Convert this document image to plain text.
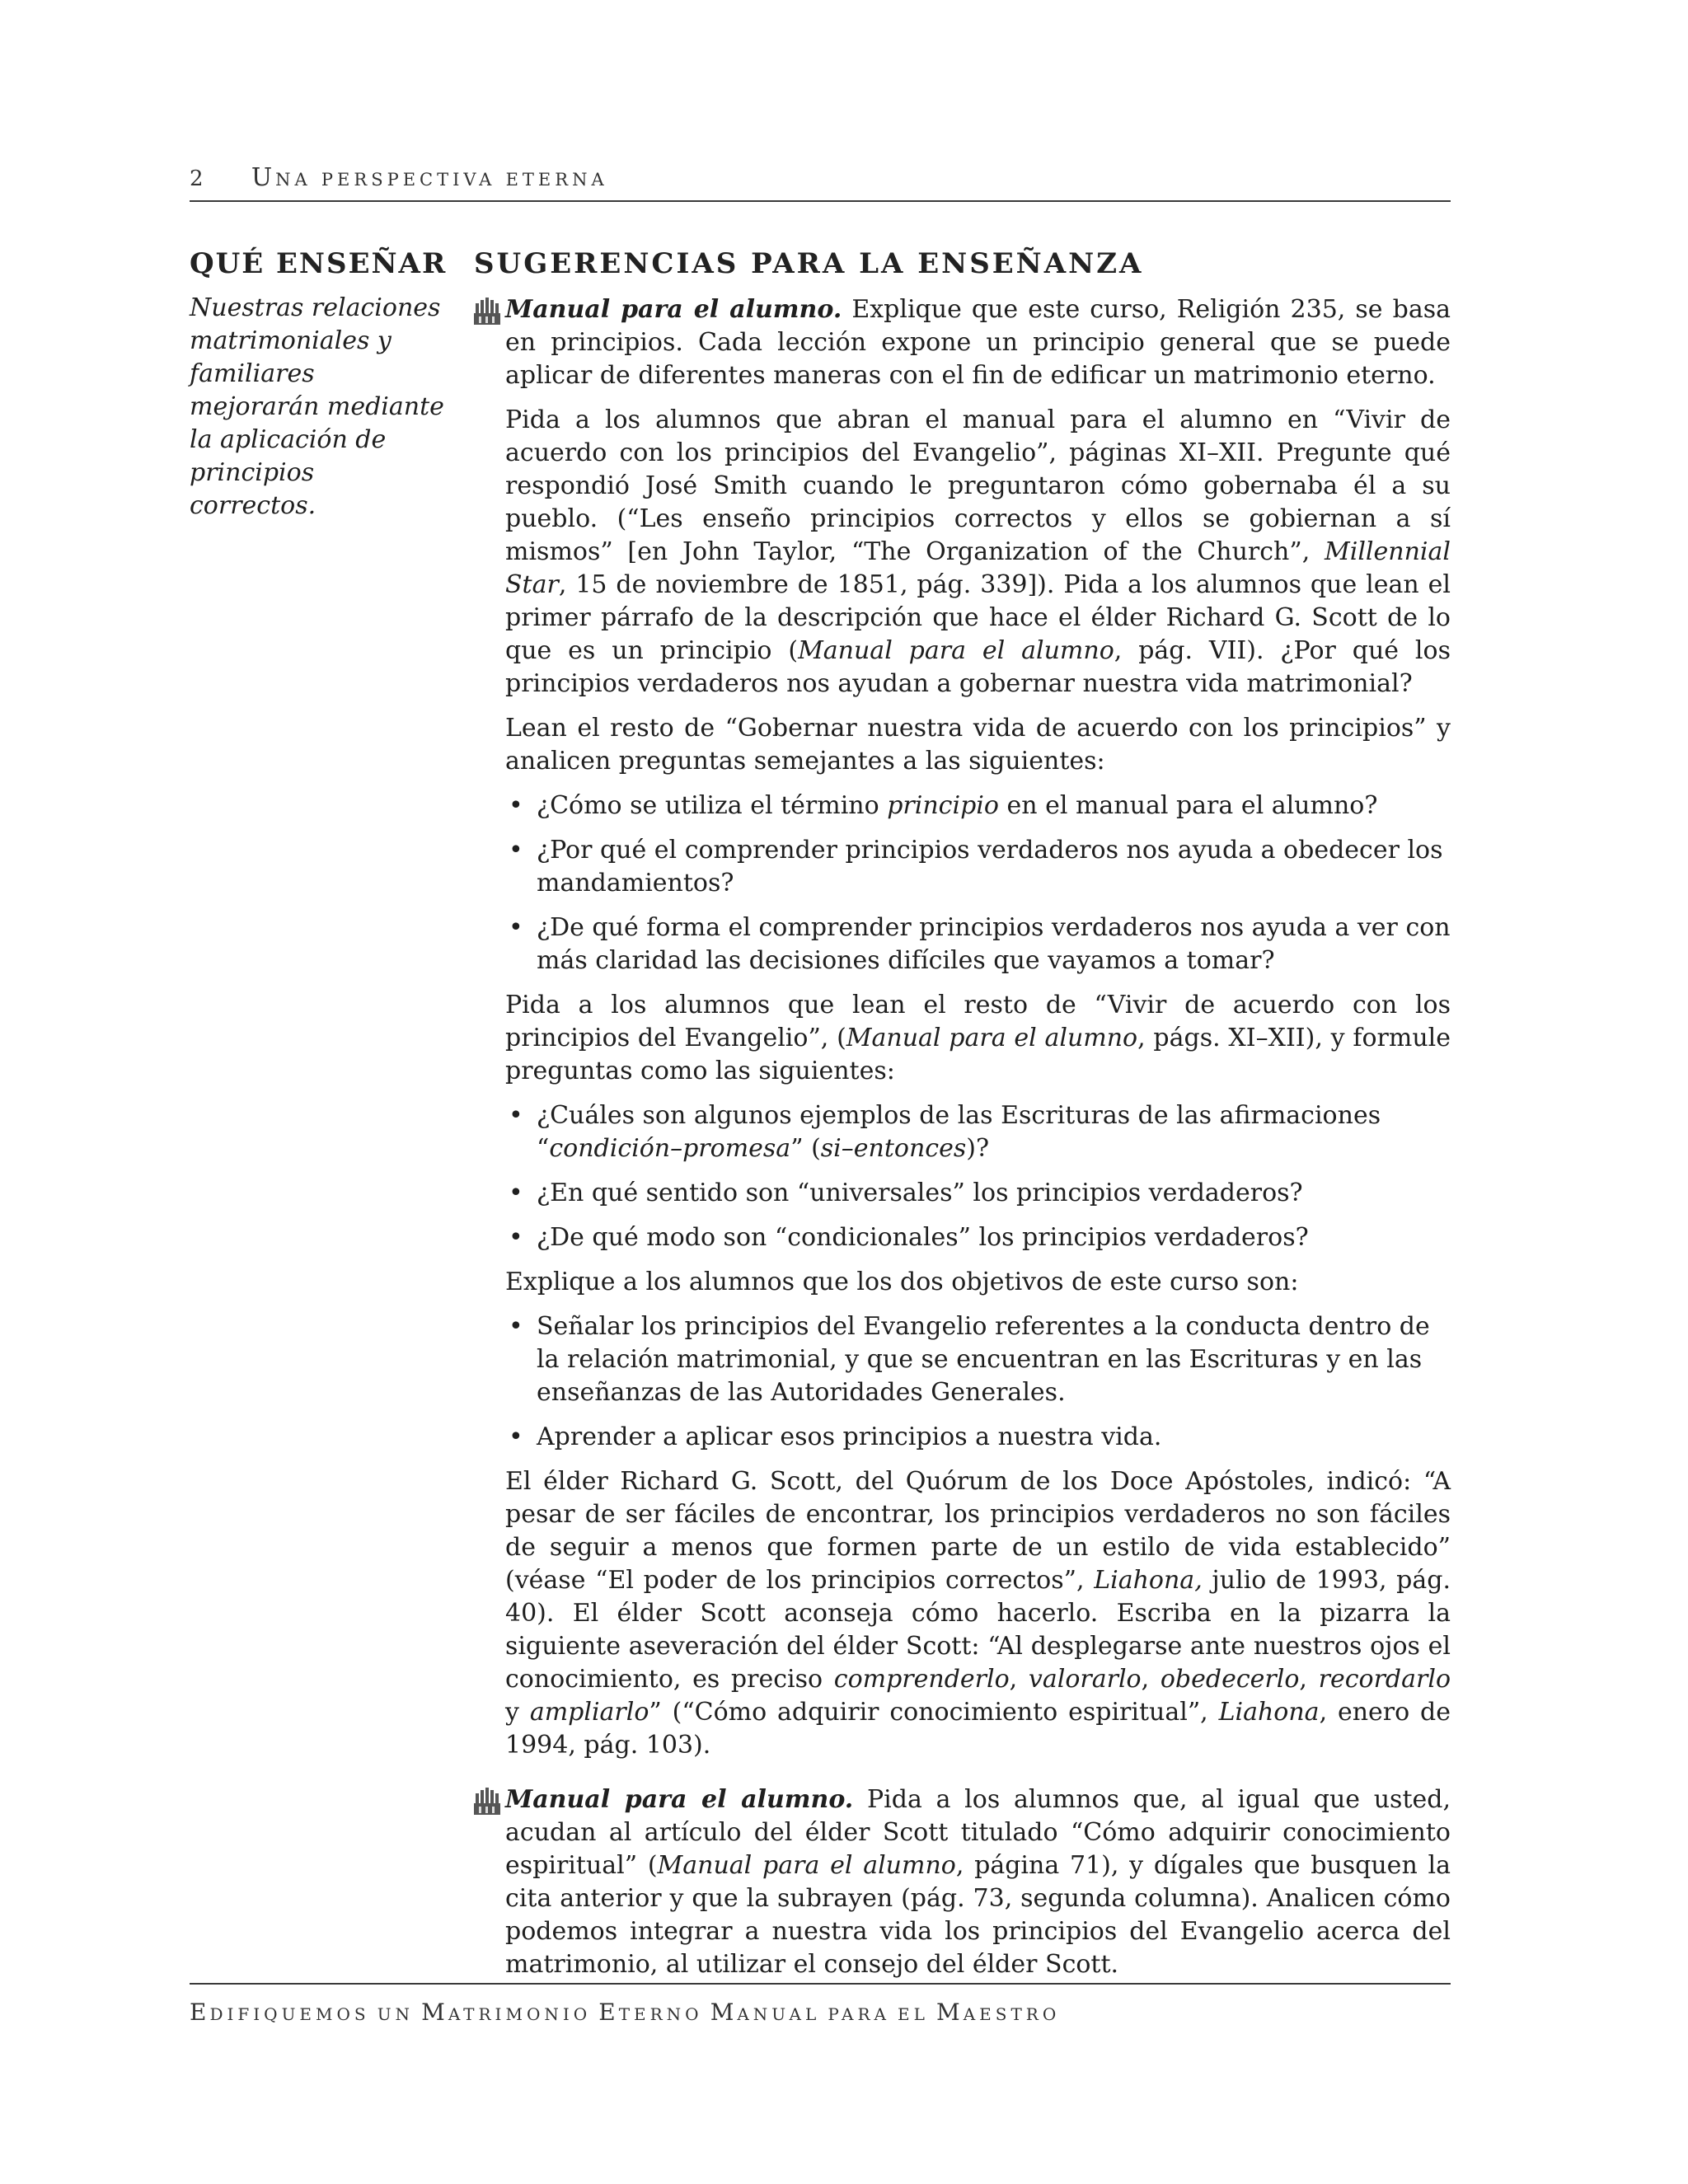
2 UNA PERSPECTIVA ETERNA
QUÉ ENSEÑAR

Nuestras relaciones matrimoniales y familiares mejorarán mediante la aplicación de principios correctos.

SUGERENCIAS PARA LA ENSEÑANZA

Manual para el alumno. Explique que este curso, Religión 235, se basa en principios. Cada lección expone un principio general que se puede aplicar de diferentes maneras con el fin de edificar un matrimonio eterno.

Pida a los alumnos que abran el manual para el alumno en “Vivir de acuerdo con los principios del Evangelio”, páginas XI–XII. Pregunte qué respondió José Smith cuando le preguntaron cómo gobernaba él a su pueblo. (“Les enseño principios correctos y ellos se gobiernan a sí mismos” [en John Taylor, “The Organization of the Church”, Millennial Star, 15 de noviembre de 1851, pág. 339]). Pida a los alumnos que lean el primer párrafo de la descripción que hace el élder Richard G. Scott de lo que es un principio (Manual para el alumno, pág. VII). ¿Por qué los principios verdaderos nos ayudan a gobernar nuestra vida matrimonial?

Lean el resto de “Gobernar nuestra vida de acuerdo con los principios” y analicen preguntas semejantes a las siguientes:

• ¿Cómo se utiliza el término principio en el manual para el alumno?
• ¿Por qué el comprender principios verdaderos nos ayuda a obedecer los mandamientos?
• ¿De qué forma el comprender principios verdaderos nos ayuda a ver con más claridad las decisiones difíciles que vayamos a tomar?

Pida a los alumnos que lean el resto de “Vivir de acuerdo con los principios del Evangelio”, (Manual para el alumno, págs. XI–XII), y formule preguntas como las siguientes:

• ¿Cuáles son algunos ejemplos de las Escrituras de las afirmaciones “condición–promesa” (si–entonces)?
• ¿En qué sentido son “universales” los principios verdaderos?
• ¿De qué modo son “condicionales” los principios verdaderos?

Explique a los alumnos que los dos objetivos de este curso son:

• Señalar los principios del Evangelio referentes a la conducta dentro de la relación matrimonial, y que se encuentran en las Escrituras y en las enseñanzas de las Autoridades Generales.
• Aprender a aplicar esos principios a nuestra vida.

El élder Richard G. Scott, del Quórum de los Doce Apóstoles, indicó: “A pesar de ser fáciles de encontrar, los principios verdaderos no son fáciles de seguir a menos que formen parte de un estilo de vida establecido” (véase “El poder de los principios correctos”, Liahona, julio de 1993, pág. 40). El élder Scott aconseja cómo hacerlo. Escriba en la pizarra la siguiente aseveración del élder Scott: “Al desplegarse ante nuestros ojos el conocimiento, es preciso comprenderlo, valorarlo, obedecerlo, recordarlo y ampliarlo” (“Cómo adquirir conocimiento espiritual”, Liahona, enero de 1994, pág. 103).

Manual para el alumno. Pida a los alumnos que, al igual que usted, acudan al artículo del élder Scott titulado “Cómo adquirir conocimiento espiritual” (Manual para el alumno, página 71), y dígales que busquen la cita anterior y que la subrayen (pág. 73, segunda columna). Analicen cómo podemos integrar a nuestra vida los principios del Evangelio acerca del matrimonio, al utilizar el consejo del élder Scott.

EDIFIQUEMOS UN MATRIMONIO ETERNO MANUAL PARA EL MAESTRO
